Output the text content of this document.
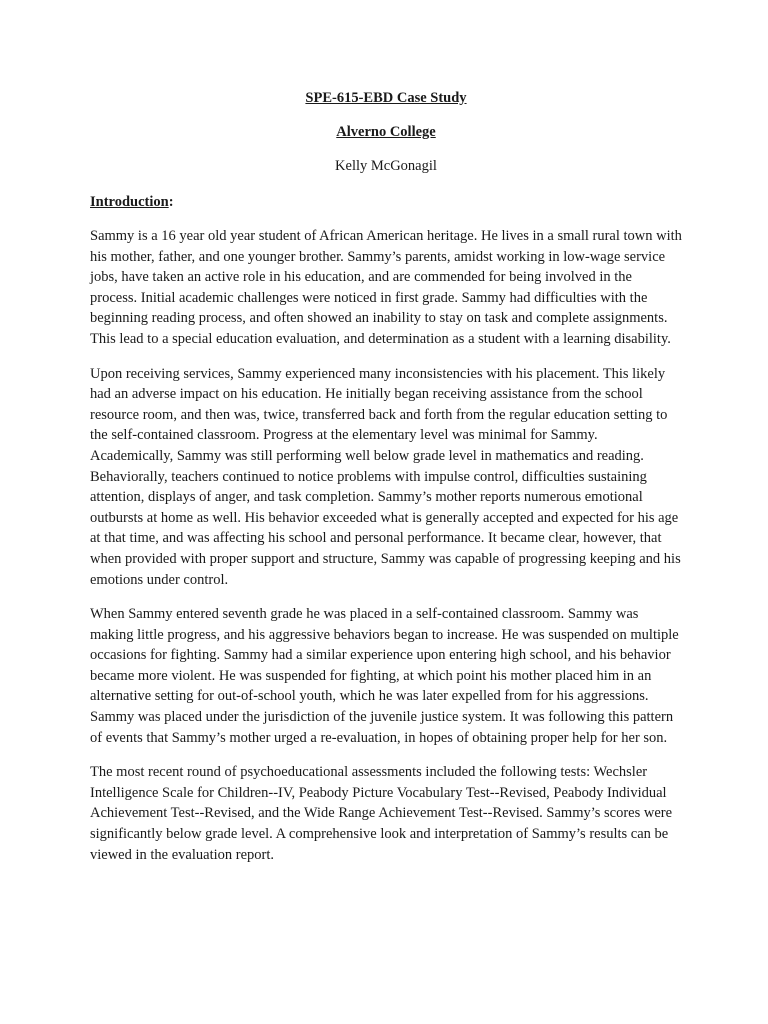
SPE-615-EBD Case Study

Alverno College

Kelly McGonagil

Introduction:

Sammy is a 16 year old year student of African American heritage. He lives in a small rural town with his mother, father, and one younger brother. Sammy’s parents, amidst working in low-wage service jobs, have taken an active role in his education, and are commended for being involved in the process. Initial academic challenges were noticed in first grade. Sammy had difficulties with the beginning reading process, and often showed an inability to stay on task and complete assignments. This lead to a special education evaluation, and determination as a student with a learning disability.

Upon receiving services, Sammy experienced many inconsistencies with his placement. This likely had an adverse impact on his education. He initially began receiving assistance from the school resource room, and then was, twice, transferred back and forth from the regular education setting to the self-contained classroom. Progress at the elementary level was minimal for Sammy. Academically, Sammy was still performing well below grade level in mathematics and reading. Behaviorally, teachers continued to notice problems with impulse control, difficulties sustaining attention, displays of anger, and task completion. Sammy’s mother reports numerous emotional outbursts at home as well. His behavior exceeded what is generally accepted and expected for his age at that time, and was affecting his school and personal performance. It became clear, however, that when provided with proper support and structure, Sammy was capable of progressing keeping and his emotions under control.

When Sammy entered seventh grade he was placed in a self-contained classroom. Sammy was making little progress, and his aggressive behaviors began to increase. He was suspended on multiple occasions for fighting. Sammy had a similar experience upon entering high school, and his behavior became more violent. He was suspended for fighting, at which point his mother placed him in an alternative setting for out-of-school youth, which he was later expelled from for his aggressions. Sammy was placed under the jurisdiction of the juvenile justice system. It was following this pattern of events that Sammy’s mother urged a re-evaluation, in hopes of obtaining proper help for her son.

The most recent round of psychoeducational assessments included the following tests: Wechsler Intelligence Scale for Children--IV, Peabody Picture Vocabulary Test--Revised, Peabody Individual Achievement Test--Revised, and the Wide Range Achievement Test--Revised. Sammy’s scores were significantly below grade level. A comprehensive look and interpretation of Sammy’s results can be viewed in the evaluation report.
